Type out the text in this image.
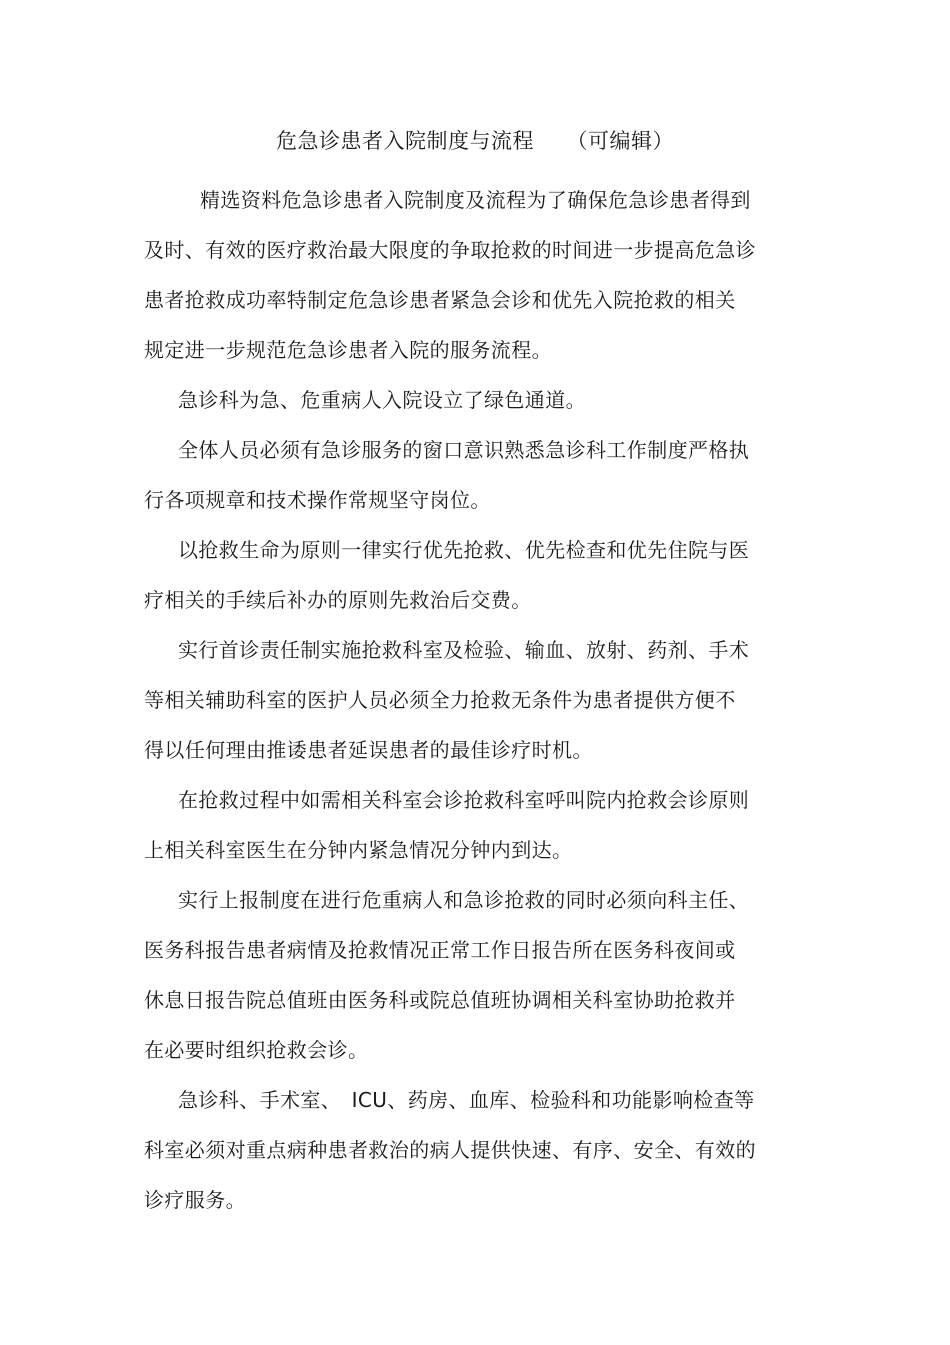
危急诊患者入院制度与流程　　（可编辑）
精选资料危急诊患者入院制度及流程为了确保危急诊患者得到
及时、有效的医疗救治最大限度的争取抢救的时间进一步提高危急诊
患者抢救成功率特制定危急诊患者紧急会诊和优先入院抢救的相关
规定进一步规范危急诊患者入院的服务流程。
急诊科为急、危重病人入院设立了绿色通道。
全体人员必须有急诊服务的窗口意识熟悉急诊科工作制度严格执
行各项规章和技术操作常规坚守岗位。
以抢救生命为原则一律实行优先抢救、优先检查和优先住院与医
疗相关的手续后补办的原则先救治后交费。
实行首诊责任制实施抢救科室及检验、输血、放射、药剂、手术
等相关辅助科室的医护人员必须全力抢救无条件为患者提供方便不
得以任何理由推诿患者延误患者的最佳诊疗时机。
在抢救过程中如需相关科室会诊抢救科室呼叫院内抢救会诊原则
上相关科室医生在分钟内紧急情况分钟内到达。
实行上报制度在进行危重病人和急诊抢救的同时必须向科主任、
医务科报告患者病情及抢救情况正常工作日报告所在医务科夜间或
休息日报告院总值班由医务科或院总值班协调相关科室协助抢救并
在必要时组织抢救会诊。
急诊科、手术室、　ICU、药房、血库、检验科和功能影响检查等
科室必须对重点病种患者救治的病人提供快速、有序、安全、有效的
诊疗服务。
